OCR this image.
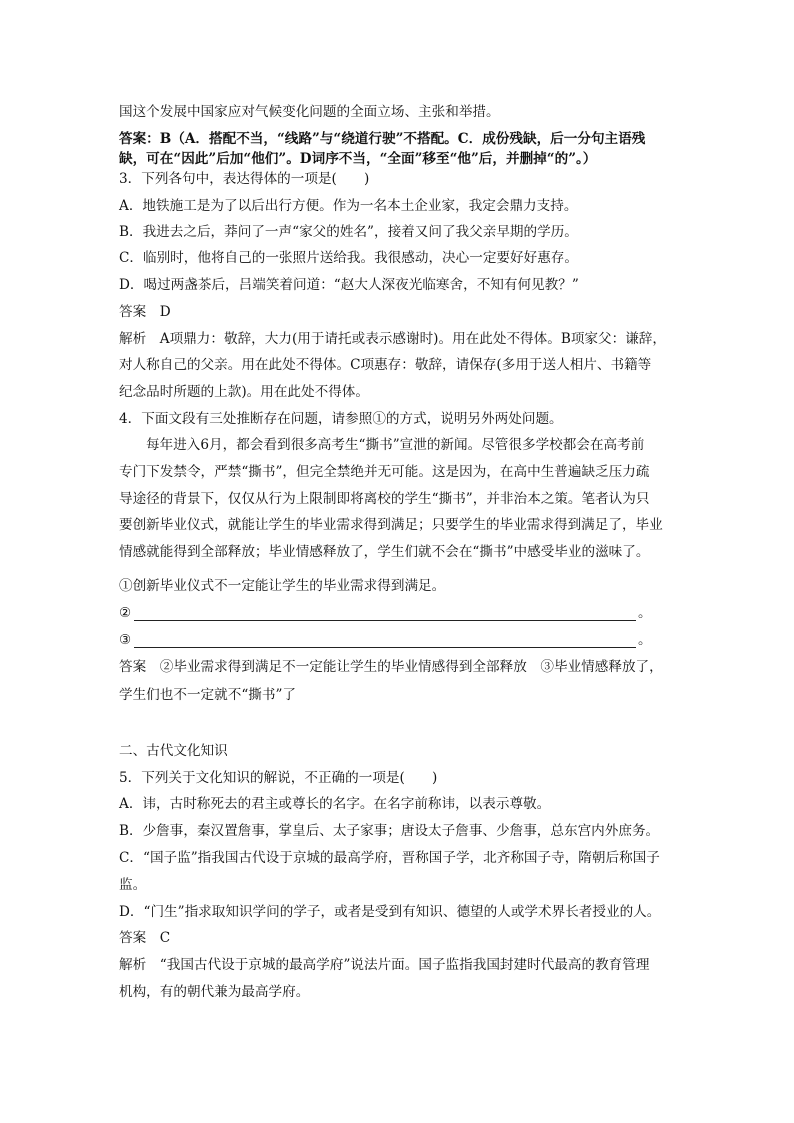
国这个发展中国家应对气候变化问题的全面立场、主张和举措。
答案：B（A．搭配不当，“线路”与“绕道行驶”不搭配。C．成份残缺，后一分句主语残
缺，可在“因此”后加“他们”。D词序不当，“全面”移至“他”后，并删掉“的”。）
3．下列各句中，表达得体的一项是(　　)
A．地铁施工是为了以后出行方便。作为一名本土企业家，我定会鼎力支持。
B．我进去之后，莽问了一声“家父的姓名”，接着又问了我父亲早期的学历。
C．临别时，他将自己的一张照片送给我。我很感动，决心一定要好好惠存。
D．喝过两盏茶后，吕端笑着问道：“赵大人深夜光临寒舍，不知有何见教？”
答案　D
解析　A项鼎力：敬辞，大力(用于请托或表示感谢时)。用在此处不得体。B项家父：谦辞，
对人称自己的父亲。用在此处不得体。C项惠存：敬辞，请保存(多用于送人相片、书籍等
纪念品时所题的上款)。用在此处不得体。
4．下面文段有三处推断存在问题，请参照①的方式，说明另外两处问题。
每年进入6月，都会看到很多高考生“撕书”宣泄的新闻。尽管很多学校都会在高考前
专门下发禁令，严禁“撕书”，但完全禁绝并无可能。这是因为，在高中生普遍缺乏压力疏
导途径的背景下，仅仅从行为上限制即将离校的学生“撕书”，并非治本之策。笔者认为只
要创新毕业仪式，就能让学生的毕业需求得到满足；只要学生的毕业需求得到满足了，毕业
情感就能得到全部释放；毕业情感释放了，学生们就不会在“撕书”中感受毕业的滋味了。
①创新毕业仪式不一定能让学生的毕业需求得到满足。
②	。
③	。
答案　②毕业需求得到满足不一定能让学生的毕业情感得到全部释放　③毕业情感释放了，
学生们也不一定就不“撕书”了
二、古代文化知识
5．下列关于文化知识的解说，不正确的一项是(　　)
A．讳，古时称死去的君主或尊长的名字。在名字前称讳，以表示尊敬。
B．少詹事，秦汉置詹事，掌皇后、太子家事；唐设太子詹事、少詹事，总东宫内外庶务。
C．“国子监”指我国古代设于京城的最高学府，晋称国子学，北齐称国子寺，隋朝后称国子
监。
D．“门生”指求取知识学问的学子，或者是受到有知识、德望的人或学术界长者授业的人。
答案　C
解析　“我国古代设于京城的最高学府”说法片面。国子监指我国封建时代最高的教育管理
机构，有的朝代兼为最高学府。
